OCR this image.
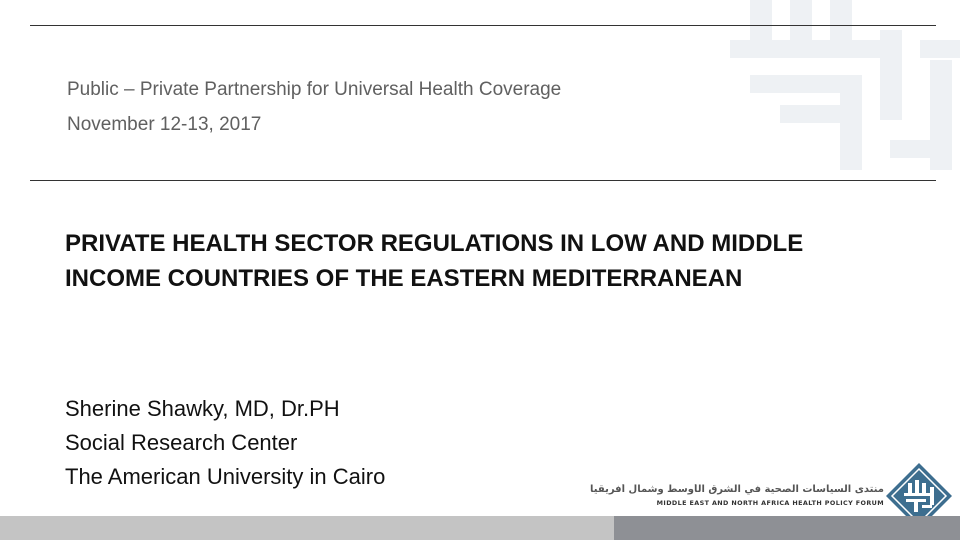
Public – Private Partnership for Universal Health Coverage
November 12-13, 2017
PRIVATE HEALTH SECTOR REGULATIONS IN LOW AND MIDDLE
INCOME COUNTRIES OF THE EASTERN MEDITERRANEAN
Sherine Shawky, MD, Dr.PH
Social Research Center
The American University in Cairo
منتدى السياسات الصحية في الشرق الأوسط وشمال أفريقيا
MIDDLE EAST AND NORTH AFRICA HEALTH POLICY FORUM
